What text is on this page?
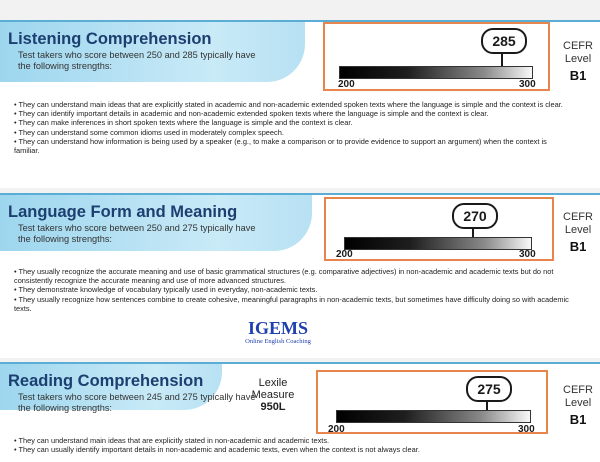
Listening Comprehension
Test takers who score between 250 and 285 typically have the following strengths:
285
200	300
CEFR
Level
B1
• They can understand main ideas that are explicitly stated in academic and non-academic extended spoken texts where the language is simple and the context is clear.
• They can identify important details in academic and non-academic extended spoken texts where the language is simple and the context is clear.
• They can make inferences in short spoken texts where the language is simple and the context is clear.
• They can understand some common idioms used in moderately complex speech.
• They can understand how information is being used by a speaker (e.g., to make a comparison or to provide evidence to support an argument) when the context is familiar.
Language Form and Meaning
Test takers who score between 250 and 275 typically have the following strengths:
270
200	300
CEFR
Level
B1
• They usually recognize the accurate meaning and use of basic grammatical structures (e.g. comparative adjectives) in non-academic and academic texts but do not consistently recognize the accurate meaning and use of more advanced structures.
• They demonstrate knowledge of vocabulary typically used in everyday, non-academic texts.
• They usually recognize how sentences combine to create cohesive, meaningful paragraphs in non-academic texts, but sometimes have difficulty doing so with academic texts.
IGEMS
Online English Coaching
Reading Comprehension
Test takers who score between 245 and 275 typically have the following strengths:
Lexile
Measure
950L
275
200	300
CEFR
Level
B1
• They can understand main ideas that are explicitly stated in non-academic and academic texts.
• They can usually identify important details in non-academic and academic texts, even when the context is not always clear.
